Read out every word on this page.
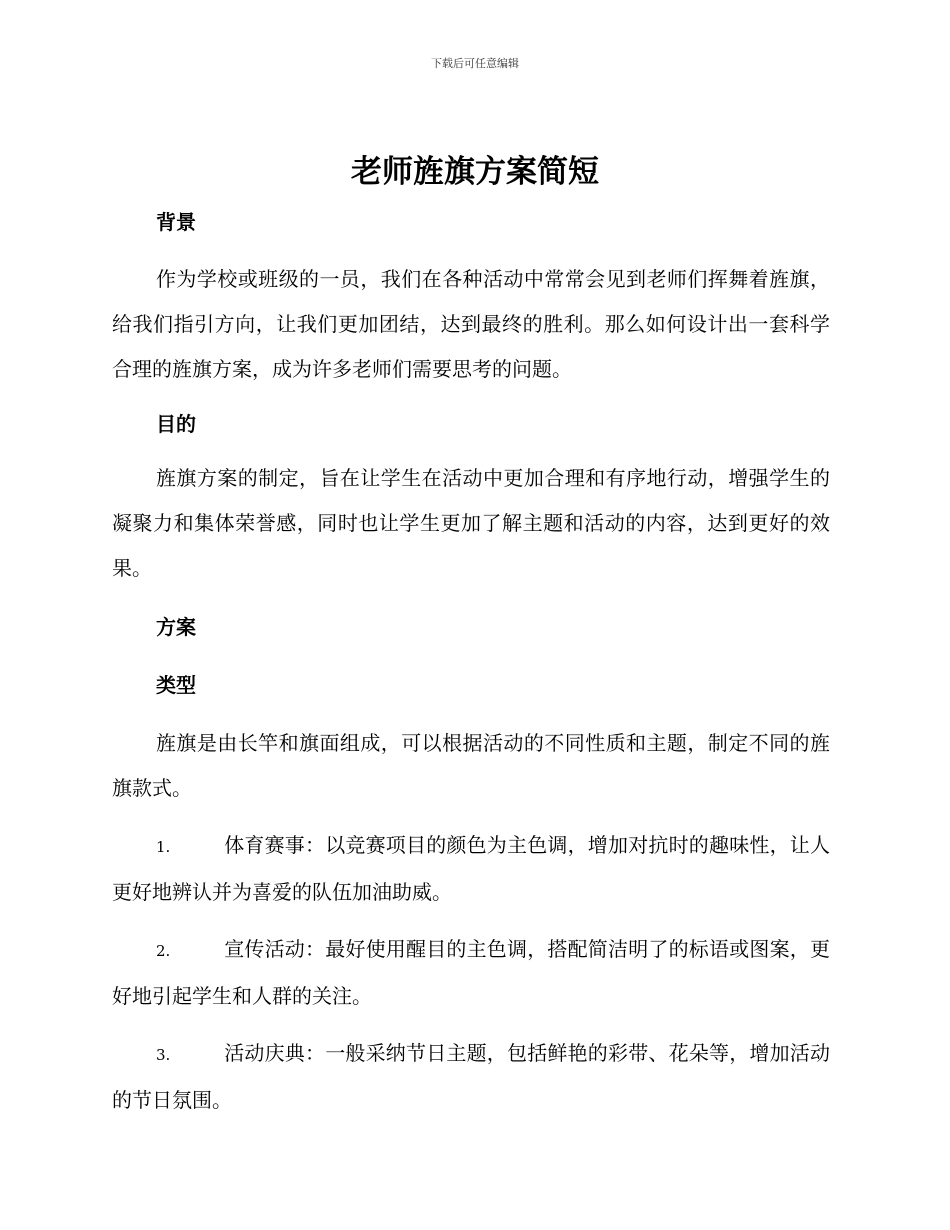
下载后可任意编辑
老师旌旗方案简短

背景

作为学校或班级的一员，我们在各种活动中常常会见到老师们挥舞着旌旗，给我们指引方向，让我们更加团结，达到最终的胜利。那么如何设计出一套科学合理的旌旗方案，成为许多老师们需要思考的问题。

目的

旌旗方案的制定，旨在让学生在活动中更加合理和有序地行动，增强学生的凝聚力和集体荣誉感，同时也让学生更加了解主题和活动的内容，达到更好的效果。

方案

类型

旌旗是由长竿和旗面组成，可以根据活动的不同性质和主题，制定不同的旌旗款式。

1.	体育赛事：以竞赛项目的颜色为主色调，增加对抗时的趣味性，让人更好地辨认并为喜爱的队伍加油助威。

2.	宣传活动：最好使用醒目的主色调，搭配简洁明了的标语或图案，更好地引起学生和人群的关注。

3.	活动庆典：一般采纳节日主题，包括鲜艳的彩带、花朵等，增加活动的节日氛围。
